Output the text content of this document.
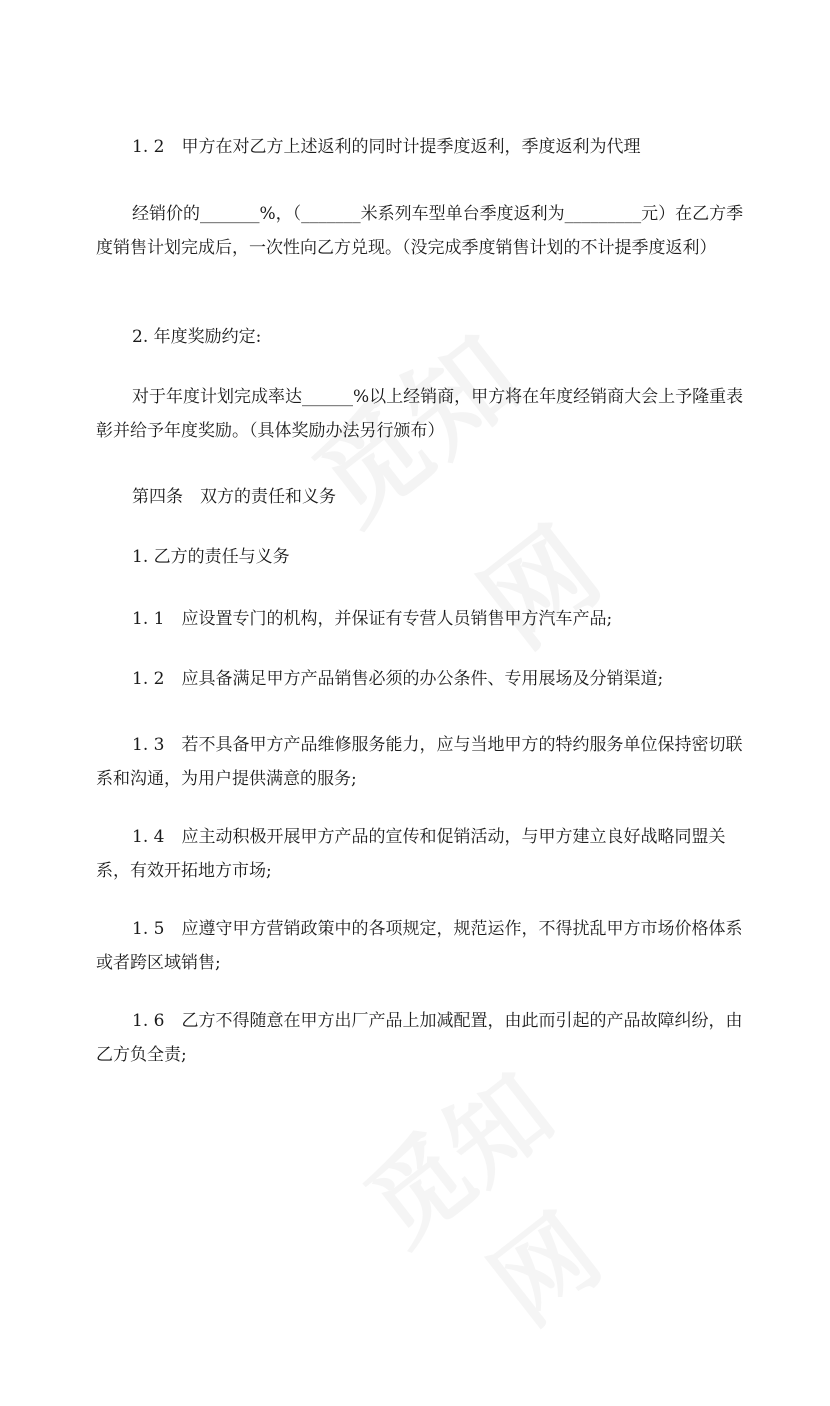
1. 2　甲方在对乙方上述返利的同时计提季度返利，季度返利为代理

经销价的_______%，（_______米系列车型单台季度返利为_________元）在乙方季度销售计划完成后，一次性向乙方兑现。（没完成季度销售计划的不计提季度返利）

2. 年度奖励约定:

对于年度计划完成率达______%以上经销商，甲方将在年度经销商大会上予隆重表彰并给予年度奖励。（具体奖励办法另行颁布）

第四条　双方的责任和义务

1. 乙方的责任与义务

1. 1　应设置专门的机构，并保证有专营人员销售甲方汽车产品;

1. 2　应具备满足甲方产品销售必须的办公条件、专用展场及分销渠道;

1. 3　若不具备甲方产品维修服务能力，应与当地甲方的特约服务单位保持密切联系和沟通，为用户提供满意的服务;

1. 4　应主动积极开展甲方产品的宣传和促销活动，与甲方建立良好战略同盟关系，有效开拓地方市场;

1. 5　应遵守甲方营销政策中的各项规定，规范运作，不得扰乱甲方市场价格体系或者跨区域销售;

1. 6　乙方不得随意在甲方出厂产品上加减配置，由此而引起的产品故障纠纷，由乙方负全责;
